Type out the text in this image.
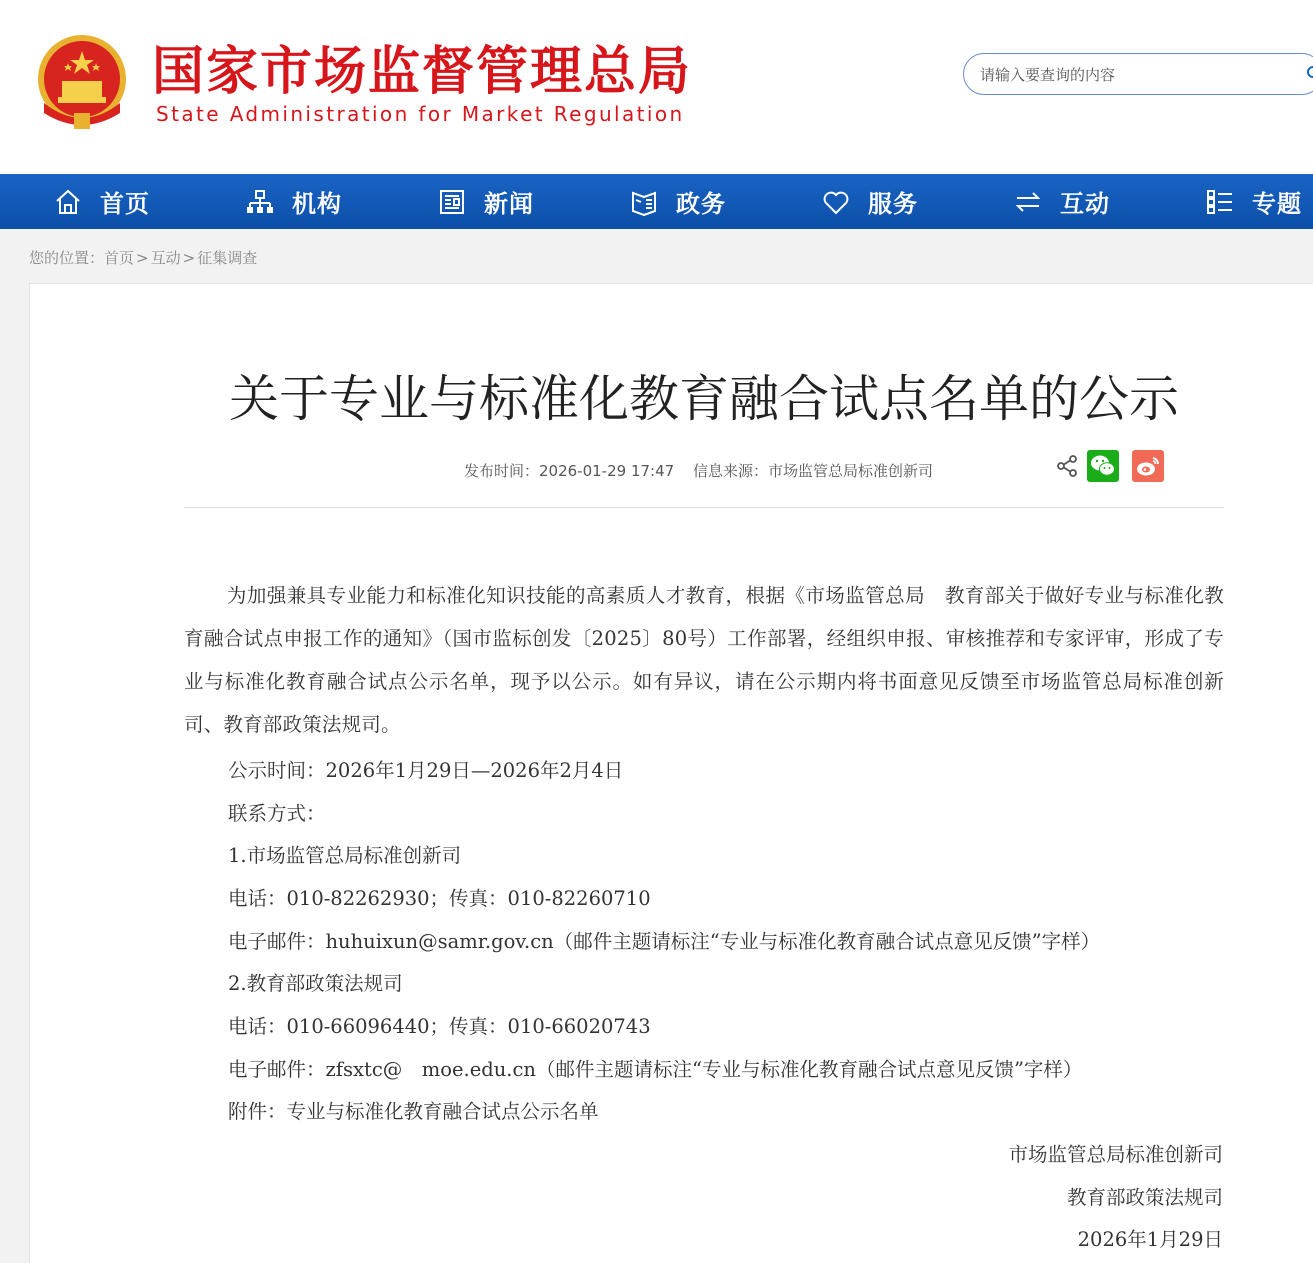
国家市场监督管理总局
State Administration for Market Regulation
请输入要查询的内容
首页	机构	新闻	政务	服务	互动	专题
您的位置：首页 > 互动 > 征集调查
关于专业与标准化教育融合试点名单的公示
发布时间：2026-01-29 17:47 信息来源：市场监管总局标准创新司
为加强兼具专业能力和标准化知识技能的高素质人才教育，根据《市场监管总局　教育部关于做好专业与标准化教育融合试点申报工作的通知》（国市监标创发〔2025〕80号）工作部署，经组织申报、审核推荐和专家评审，形成了专业与标准化教育融合试点公示名单，现予以公示。如有异议，请在公示期内将书面意见反馈至市场监管总局标准创新司、教育部政策法规司。
公示时间：2026年1月29日—2026年2月4日
联系方式：
1.市场监管总局标准创新司
电话：010-82262930；传真：010-82260710
电子邮件：huhuixun@samr.gov.cn（邮件主题请标注“专业与标准化教育融合试点意见反馈”字样）
2.教育部政策法规司
电话：010-66096440；传真：010-66020743
电子邮件：zfsxtc@　moe.edu.cn（邮件主题请标注“专业与标准化教育融合试点意见反馈”字样）
附件：专业与标准化教育融合试点公示名单
市场监管总局标准创新司
教育部政策法规司
2026年1月29日
